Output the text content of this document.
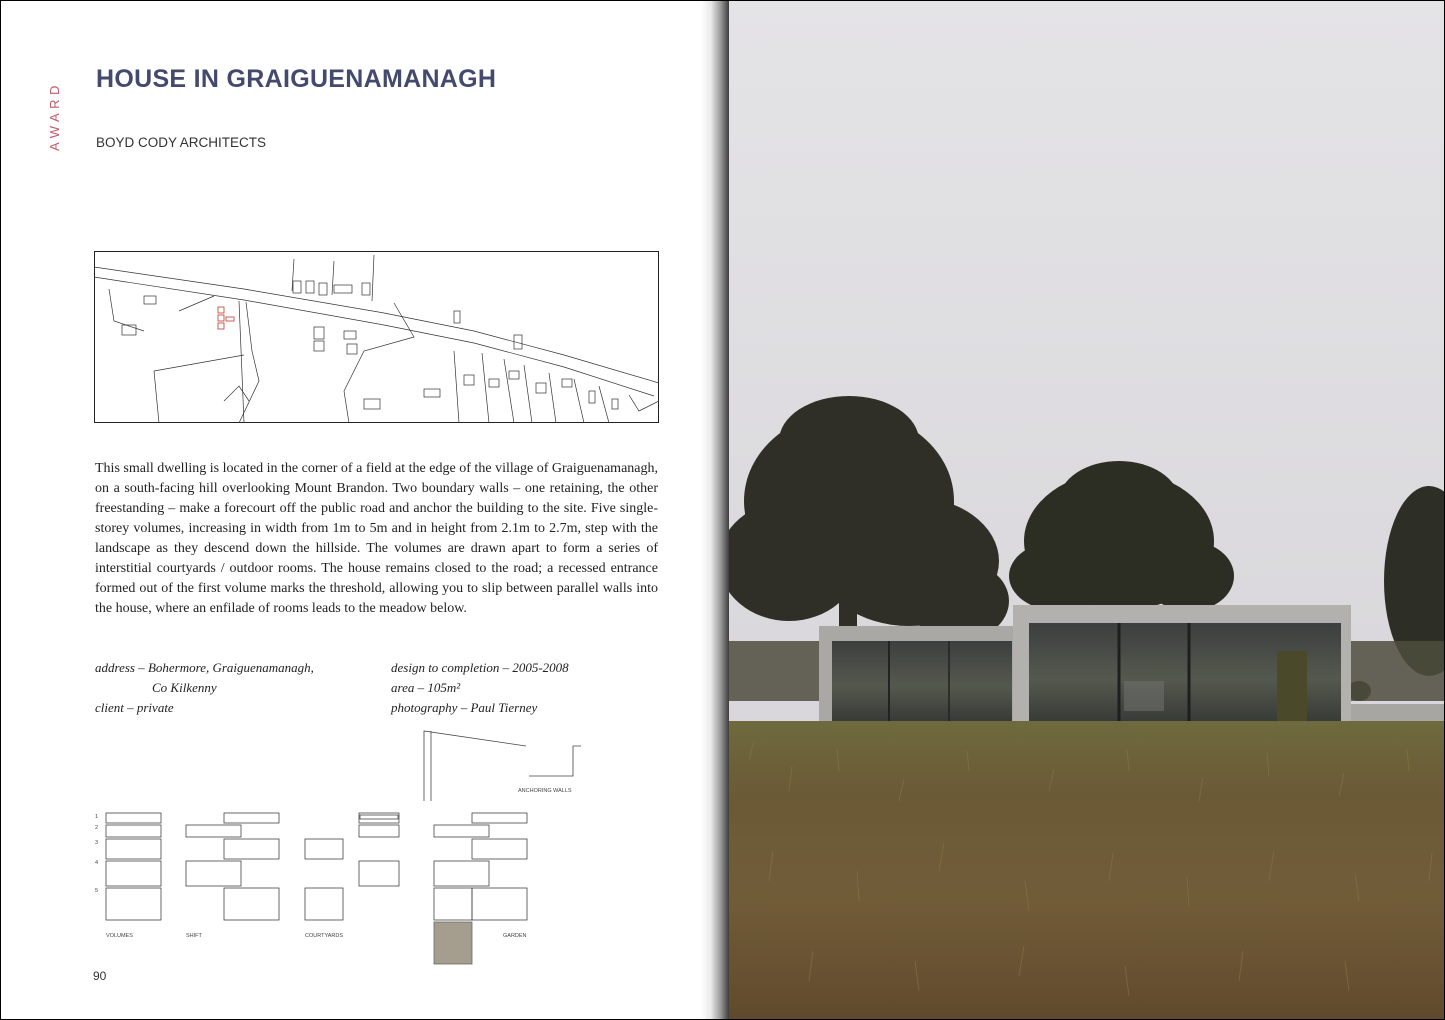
AWARD
HOUSE IN GRAIGUENAMANAGH
BOYD CODY ARCHITECTS

This small dwelling is located in the corner of a field at the edge of the village of Graiguenamanagh, on a south-facing hill overlooking Mount Brandon. Two boundary walls – one retaining, the other freestanding – make a forecourt off the public road and anchor the building to the site. Five single-storey volumes, increasing in width from 1m to 5m and in height from 2.1m to 2.7m, step with the landscape as they descend down the hillside. The volumes are drawn apart to form a series of interstitial courtyards / outdoor rooms. The house remains closed to the road; a recessed entrance formed out of the first volume marks the threshold, allowing you to slip between parallel walls into the house, where an enfilade of rooms leads to the meadow below.

address – Bohermore, Graiguenamanagh,
Co Kilkenny
client – private
design to completion – 2005-2008
area – 105m²
photography – Paul Tierney
ANCHORING WALLS
1
2
3
4
5
VOLUMES	SHIFT	COURTYARDS	GARDEN
90
